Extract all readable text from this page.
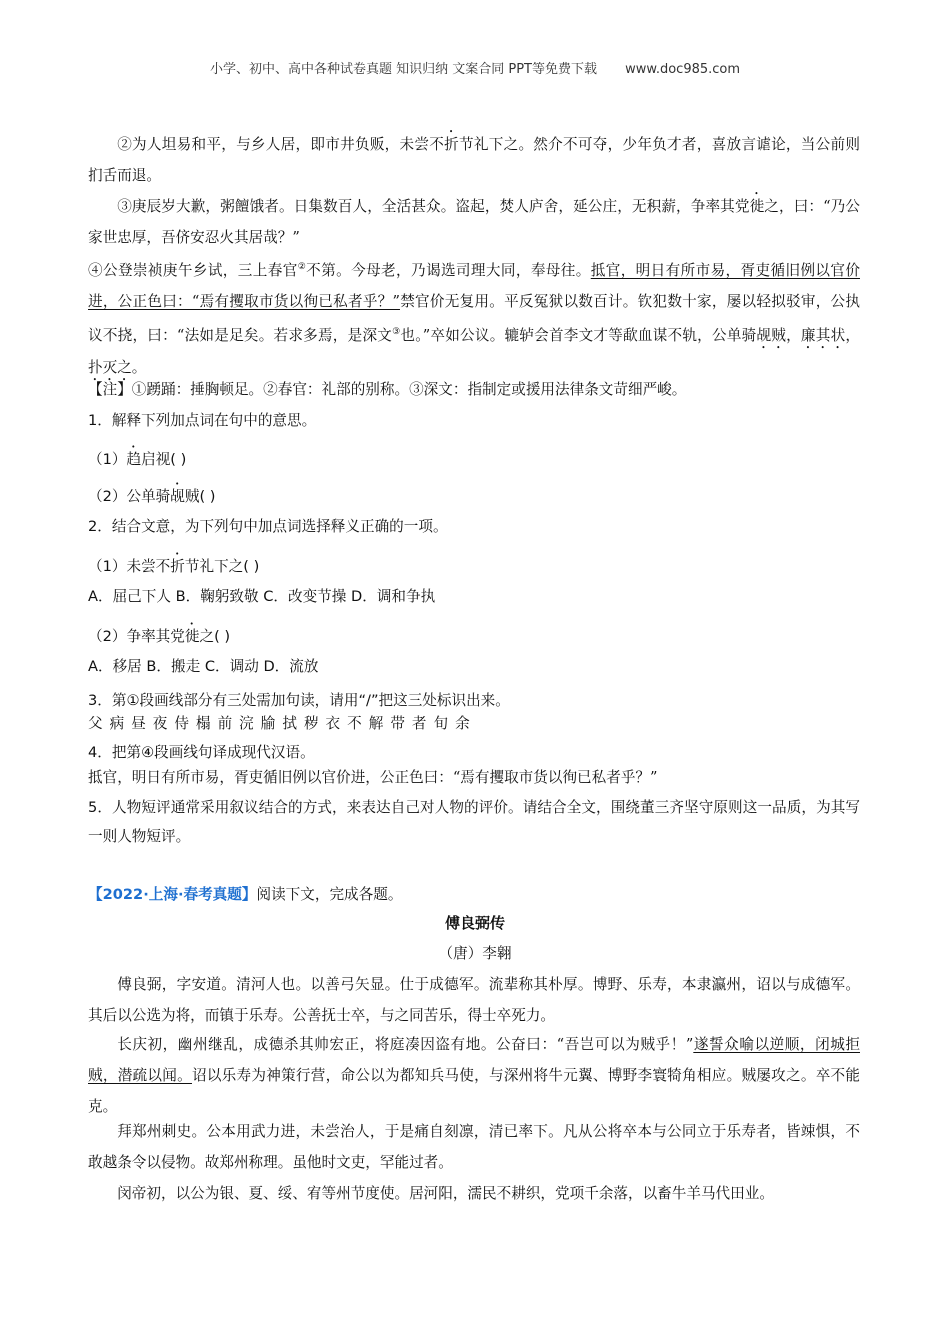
小学、初中、高中各种试卷真题 知识归纳 文案合同 PPT等免费下载 www.doc985.com

②为人坦易和平，与乡人居，即市井负贩，未尝不折节礼下之。然介不可夺，少年负才者，喜放言谑论，当公前则扪舌而退。

③庚辰岁大歉，粥饘饿者。日集数百人，全活甚众。盗起，焚人庐舍，延公庄，无积薪，争率其党徙之，曰：“乃公家世忠厚，吾侪安忍火其居哉？”

④公登崇祯庚午乡试，三上春官②不第。今母老，乃谒选司理大同，奉母往。抵官，明日有所市易，胥吏循旧例以官价进，公正色曰：“焉有攫取市货以徇已私者乎？”禁官价无复用。平反冤狱以数百计。钦犯数十家，屡以轻拟驳审，公执议不挠，曰：“法如是足矣。若求多焉，是深文③也。”卒如公议。辘轳会首李文才等歃血谋不轨，公单骑觇贼，廉其状，扑灭之。

【注】①踴踊：捶胸顿足。②春官：礼部的别称。③深文：指制定或援用法律条文苛细严峻。

1．解释下列加点词在句中的意思。

（1）趋启视( )

（2）公单骑觇贼( )

2．结合文意，为下列句中加点词选择释义正确的一项。

（1）未尝不折节礼下之( )

A．屈己下人 B．鞠躬致敬 C．改变节操 D．调和争执

（2）争率其党徙之( )

A．移居 B．搬走 C．调动 D．流放

3．第①段画线部分有三处需加句读，请用“/”把这三处标识出来。

父病昼夜侍榻前浣牏拭秽衣不解带者旬余

4．把第④段画线句译成现代汉语。

抵官，明日有所市易，胥吏循旧例以官价进，公正色曰：“焉有攫取市货以徇已私者乎？”

5．人物短评通常采用叙议结合的方式，来表达自己对人物的评价。请结合全文，围绕董三齐坚守原则这一品质，为其写一则人物短评。

【2022·上海·春考真题】阅读下文，完成各题。

傅良弼传
（唐）李翱

傅良弼，字安道。清河人也。以善弓矢显。仕于成德军。流辈称其朴厚。博野、乐寿，本隶瀛州，诏以与成德军。其后以公选为将，而镇于乐寿。公善抚士卒，与之同苦乐，得士卒死力。

长庆初，幽州继乱，成德杀其帅宏正，将庭凑因盗有地。公奋曰：“吾岂可以为贼乎！”遂誓众喻以逆顺，闭城拒贼，潜疏以闻。诏以乐寿为神策行营，命公以为都知兵马使，与深州将牛元翼、博野李寰犄角相应。贼屡攻之。卒不能克。

拜郑州刺史。公本用武力进，未尝治人，于是痛自刻凛，清已率下。凡从公将卒本与公同立于乐寿者，皆竦惧，不敢越条令以侵物。故郑州称理。虽他时文吏，罕能过者。

闵帝初，以公为银、夏、绥、宥等州节度使。居河阳，濡民不耕织，党项千余落，以畜牛羊马代田业。
